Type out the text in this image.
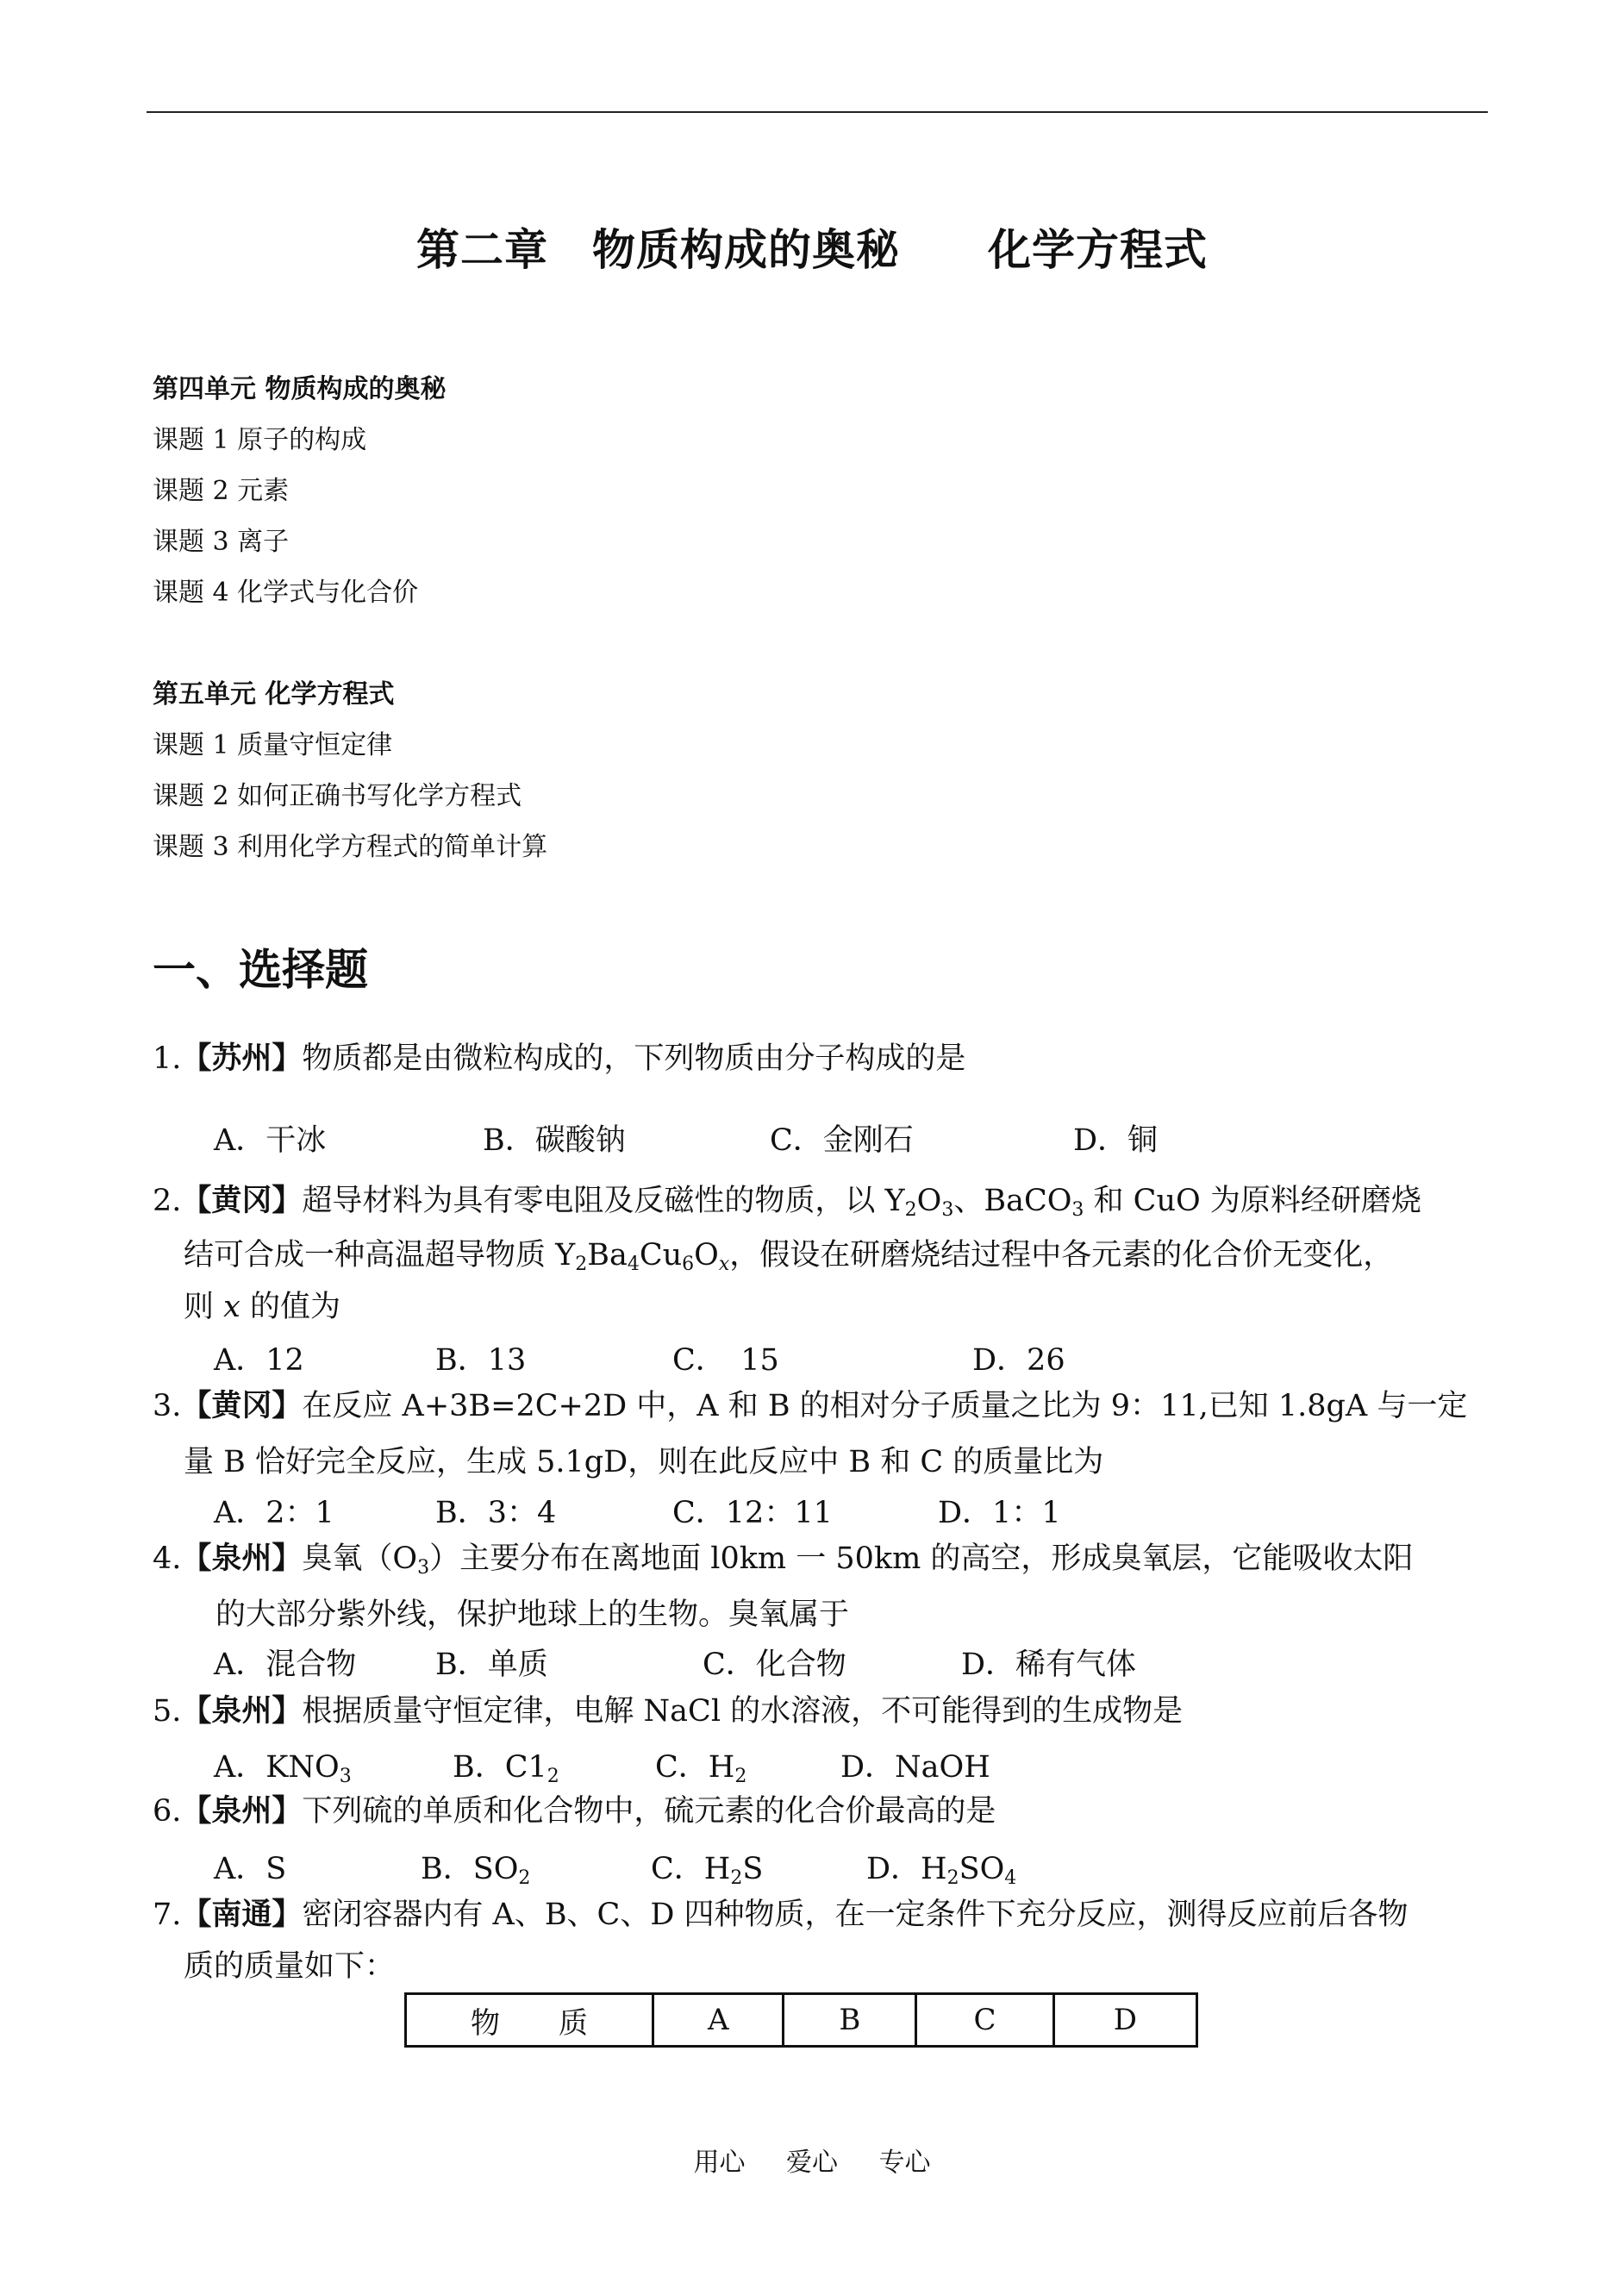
第二章　物质构成的奥秘　　化学方程式
第四单元 物质构成的奥秘
课题 1 原子的构成
课题 2 元素
课题 3 离子
课题 4 化学式与化合价
第五单元 化学方程式
课题 1 质量守恒定律
课题 2 如何正确书写化学方程式
课题 3 利用化学方程式的简单计算
一、选择题
1.【苏州】物质都是由微粒构成的，下列物质由分子构成的是
A．干冰	B．碳酸钠	C．金刚石	D．铜
2.【黄冈】超导材料为具有零电阻及反磁性的物质，以 $Y_2O_3$、BaCO$_3$ 和 CuO 为原料经研磨烧
结可合成一种高温超导物质 $Y_2Ba_4Cu_6O_x$，假设在研磨烧结过程中各元素的化合价无变化，
则 x 的值为
A．12	B．13	C．　15	D．26
3.【黄冈】在反应 A+3B=2C+2D 中，A 和 B 的相对分子质量之比为 9：11,已知 1.8gA 与一定
量 B 恰好完全反应，生成 5.1gD，则在此反应中 B 和 C 的质量比为
A．2：1	B．3：4	C．12：11	D．1：1
4.【泉州】臭氧$(O_3)$主要分布在离地面 l0km 一 50km 的高空，形成臭氧层，它能吸收太阳
的大部分紫外线，保护地球上的生物。臭氧属于
A．混合物	B．单质	C．化合物	D．稀有气体
5.【泉州】根据质量守恒定律，电解 NaCl 的水溶液，不可能得到的生成物是
A．$KNO_3$	B．$C1_2$	C．$H_2$	D．NaOH
6.【泉州】下列硫的单质和化合物中，硫元素的化合价最高的是
A．S	B．$SO_2$	C．$H_2S$	D．$H_2SO_4$
7.【南通】密闭容器内有 A、B、C、D 四种物质，在一定条件下充分反应，测得反应前后各物
质的质量如下：
物　　质	A	B	C	D
用心 爱心 专心
